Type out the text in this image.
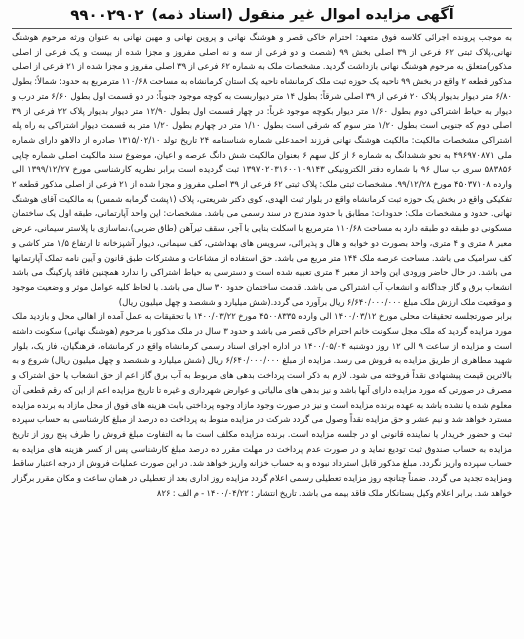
۹۹۰۰۲۹۰۲ آگهی مزایده اموال غیر منقول (اسناد ذمه)
به موجب پرونده اجرائی کلاسه فوق متعهد: احترام خاکی قصر و هوشنگ نهانی و پروین نهانی و مهین نهانی به عنوان ورثه مرحوم هوشنگ نهانی،پلاک ثبتی ۶۲ فرعی از ۳۹ اصلی بخش ۹۹ (شصت و دو فرعی از سه و نه اصلی مفروز و مجزا شده از بیست و یک فرعی از اصلی مذکور)متعلق به مرحوم هوشنگ نهانی بازداشت گردید. مشخصات ملک به شماره ۶۲ فرعی از ۳۹ اصلی مفروز و مجزا شده از ۲۱ فرعی از اصلی مذکور قطعه ۲ واقع در بخش ۹۹ ناحیه یک حوزه ثبت ملک کرمانشاه ناحیه یک استان کرمانشاه به مساحت ۱۱۰/۶۸ مترمربع به حدود: شمالاً: بطول ۶/۸۰ متر دیوار بدیوار پلاک ۲۰ فرعی از ۳۹ اصلی شرقاً: بطول ۱۴ متر دیواربست به کوچه موجود جنوباً: در دو قسمت اول بطول ۶/۶۰ متر درب و دیوار به حیاط اشتراکی دوم بطول ۱/۶۰ متر دیوار بکوچه موجود غرباً: در چهار قسمت اول بطول ۱۲/۹۰ متر دیوار بدیوار پلاک ۲۲ فرعی از ۳۹ اصلی دوم که جنوبی است بطول ۱/۲۰ متر سوم که شرقی است بطول ۱/۱۰ متر در چهارم بطول ۱/۲۰ متر به قسمت دیوار اشتراکی به راه پله اشتراکی مشخصات مالکیت: مالکیت هوشنگ نهانی فرزند احمدعلی شماره شناسنامه ۲۴ تاریخ تولد ۱۳۱۵/۰۲/۱۰ صادره از دالاهو دارای شماره ملی ۴۹۶۹۷۰۸۷۱ به نحو ششدانگ به شماره ۶ از کل سهم ۶ بعنوان مالکیت شش دانگ عرصه و اعیان، موضوع سند مالکیت اصلی شماره چاپی ۵۸۳۸۵۶ سری ب سال ۹۶ با شماره دفتر الکترونیکی ۱۳۹۷۰۲۰۳۱۶۰۰۱۰۹۱۴۳ ثبت گردیده است برابر نظریه کارشناسی مورخ ۱۳۹۹/۱۲/۲۷ الی وارده ۴۵۰۳۷۱۰۸ مورخ ۹۹/۱۲/۲۸. مشخصات ثبتی ملک: پلاک ثبتی ۶۲ فرعی از ۳۹ اصلی مفروز و مجزا شده از ۲۱ فرعی از اصلی مذکور قطعه ۲ تفکیکی واقع در بخش یک حوزه ثبت کرمانشاه واقع در بلوار ثبت الهدی، کوی دکتر شریعتی، پلاک (۱پشت گرمابه شمس) به مالکیت آقای هوشنگ نهانی. حدود و مشخصات ملک: حدودات: مطابق با حدود مندرج در سند رسمی می باشد. مشخصات: این واحد آپارتمانی، طبقه اول یک ساختمان مسکونی دو طبقه دو طبقه دارد به مساحت ۱۱۰/۶۸ مترمربع با اسکلت بنایی با آجر، سقف تیرآهن (طاق ضربی)،نماسازی با پلاستر سیمانی، عرض معبر ۸ متری و ۴ متری، واحد بصورت دو خوابه و هال و پذیرائی، سرویس های بهداشتی، کف سیمانی، دیوار آشپزخانه تا ارتفاع ۱/۵ متر کاشی و کف سرامیک می باشد. مساحت عرصه ملک ۱۴۴ متر مربع می باشد. حق استفاده از مشاعات و مشترکات طبق قانون و آیین نامه تملک آپارتمانها می باشد. در حال حاضر ورودی این واحد از معبر ۴ متری تعبیه شده است و دسترسی به حیاط اشتراکی را ندارد همچنین فاقد پارکینگ می باشد انشعاب برق و گاز جداگانه و انشعاب آب اشتراکی می باشد. قدمت ساختمان حدود ۳۰ سال می باشد. با لحاظ کلیه عوامل موثر و وضعیت موجود و موقعیت ملک ارزش ملک مبلغ ۶/۶۴۰/۰۰۰/۰۰۰ ریال برآورد می گردد.(شش میلیارد و ششصد و چهل میلیون ریال)
برابر صورتجلسه تحقیقات محلی مورخ ۱۴۰۰/۰۳/۱۲ الی وارده ۴۵۰۰۸۳۳۵ مورخ ۱۴۰۰/۰۳/۲۲ با تحقیقات به عمل آمده از اهالی محل و بازدید ملک مورد مزایده گردید که ملک مجل سکونت خانم احترام خاکی قصر می باشد و حدود ۳ سال در ملک مذکور با مرحوم (هوشنگ نهانی) سکونت داشته است و مزایده از ساعت ۹ الی ۱۲ روز دوشنبه ۱۴۰۰/۰۵/۰۴ در اداره اجرای اسناد رسمی کرمانشاه واقع در کرمانشاه، فرهنگیان، فاز یک، بلوار شهید مطاهری از طریق مزایده به فروش می رسد. مزایده از مبلغ ۶/۶۴۰/۰۰۰/۰۰۰ ریال (شش میلیارد و ششصد و چهل میلیون ریال) شروع و به بالاترین قیمت پیشنهادی نقداً فروخته می شود. لازم به ذکر است پرداخت بدهی های مربوط به آب برق گاز اعم از حق انشعاب یا حق اشتراک و مصرف در صورتی که مورد مزایده دارای آنها باشد و نیز بدهی های مالیاتی و عوارض شهرداری و غیره تا تاریخ مزایده اعم از این که رقم قطعی آن معلوم شده یا نشده باشد به عهده برنده مزایده است و نیز در صورت وجود مازاد وجوه پرداختی بابت هزینه های فوق از محل مازاد به برنده مزایده مسترد خواهد شد و نیم عشر و حق مزایده نقداً وصول می گردد شرکت در مزایده منوط به پرداخت ده درصد از مبلغ کارشناسی به حساب سپرده ثبت و حضور خریدار یا نماینده قانونی او در جلسه مزایده است. برنده مزایده مکلف است ما به التفاوت مبلغ فروش را ظرف پنج روز از تاریخ مزایده به حساب صندوق ثبت تودیع نماید و در صورت عدم پرداخت در مهلت مقرر ده درصد مبلغ کارشناسی پس از کسر هزینه های مزایده به حساب سپرده واریز نگردد. مبلغ مذکور قابل استرداد نبوده و به حساب خزانه واریز خواهد شد. در این صورت عملیات فروش از درجه اعتبار ساقط ومزایده تجدید می گردد. ضمناً چنانچه روز مزایده تعطیلی رسمی اعلام گردد مزایده روز اداری بعد از تعطیلی در همان ساعت و مکان مقرر برگزار خواهد شد. برابر اعلام وکیل بستانکار ملک فاقد بیمه می باشد. تاریخ انتشار : ۱۴۰۰/۰۴/۲۲ - م الف : ۸۲۶
